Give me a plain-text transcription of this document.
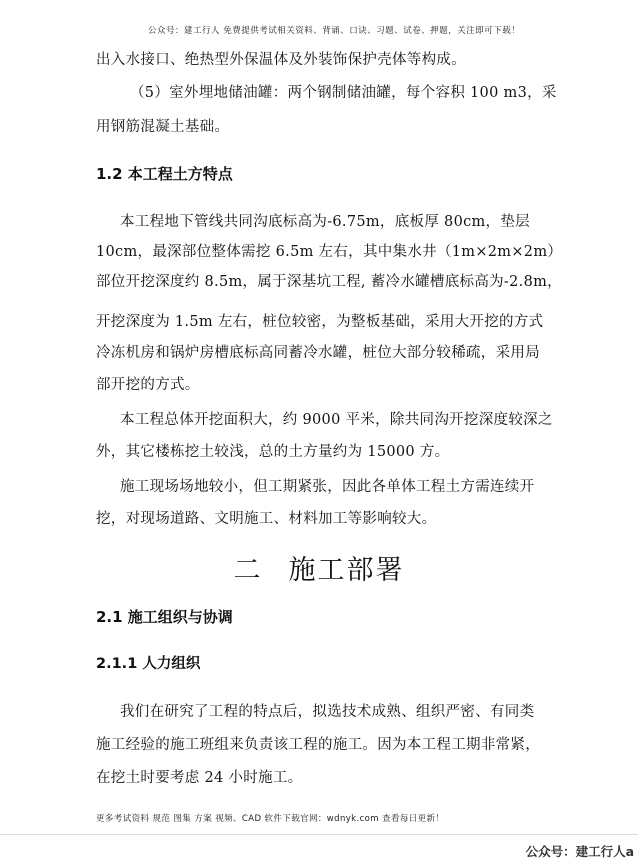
公众号：建工行人 免费提供考试相关资料、背诵、口诀、习题、试卷、押题，关注即可下载！
出入水接口、绝热型外保温体及外装饰保护壳体等构成。
（5）室外埋地储油罐：两个钢制储油罐，每个容积 100 m3，采
用钢筋混凝土基础。
1.2 本工程土方特点
本工程地下管线共同沟底标高为-6.75m，底板厚 80cm，垫层
10cm，最深部位整体需挖 6.5m 左右，其中集水井（1m×2m×2m）
部位开挖深度约 8.5m，属于深基坑工程, 蓄冷水罐槽底标高为-2.8m，
开挖深度为 1.5m 左右，桩位较密，为整板基础，采用大开挖的方式
冷冻机房和锅炉房槽底标高同蓄冷水罐，桩位大部分较稀疏，采用局
部开挖的方式。
本工程总体开挖面积大，约 9000 平米，除共同沟开挖深度较深之
外，其它楼栋挖土较浅，总的土方量约为 15000 方。
施工现场场地较小，但工期紧张，因此各单体工程土方需连续开
挖，对现场道路、文明施工、材料加工等影响较大。
二 施工部署
2.1 施工组织与协调
2.1.1 人力组织
我们在研究了工程的特点后，拟选技术成熟、组织严密、有同类
施工经验的施工班组来负责该工程的施工。因为本工程工期非常紧，
在挖土时要考虑 24 小时施工。
更多考试资料 规范 图集 方案 视频、CAD 软件下载官网：wdnyk.com 查看每日更新！
公众号：建工行人a
